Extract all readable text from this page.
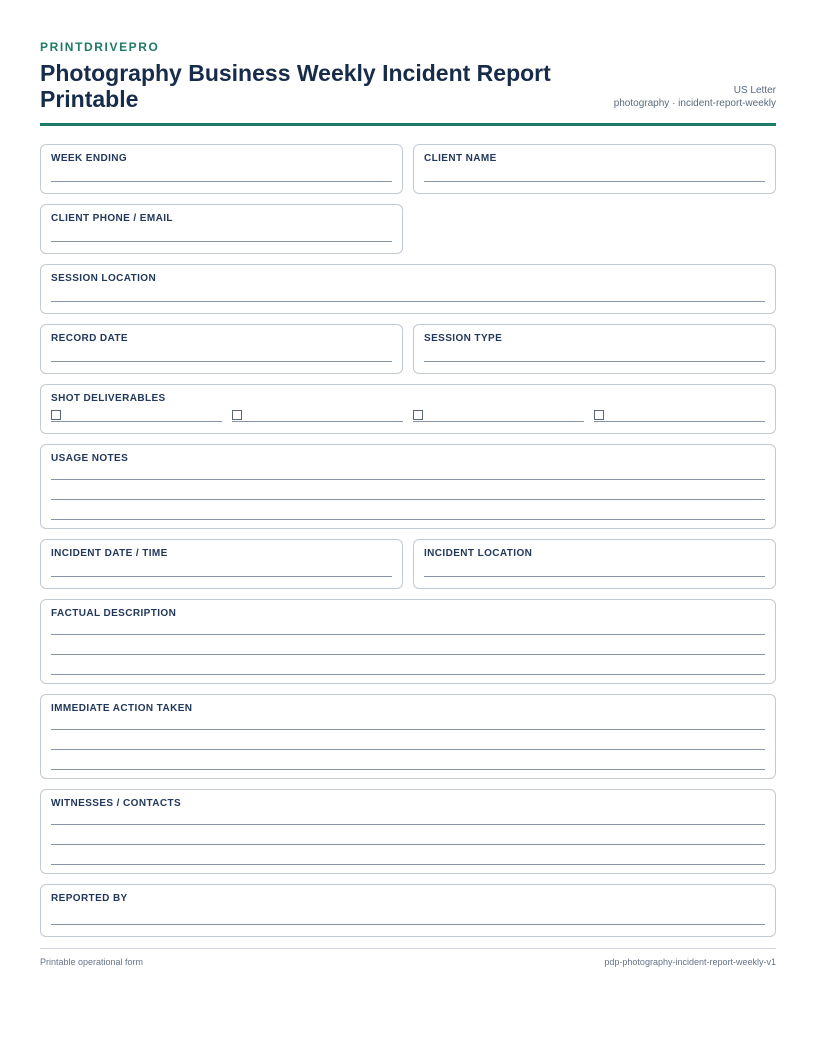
PRINTDRIVEPRO
Photography Business Weekly Incident Report Printable	US Letter
photography · incident-report-weekly
WEEK ENDING	CLIENT NAME
CLIENT PHONE / EMAIL
SESSION LOCATION
RECORD DATE	SESSION TYPE
SHOT DELIVERABLES
USAGE NOTES
INCIDENT DATE / TIME	INCIDENT LOCATION
FACTUAL DESCRIPTION
IMMEDIATE ACTION TAKEN
WITNESSES / CONTACTS
REPORTED BY
Printable operational form	pdp-photography-incident-report-weekly-v1
